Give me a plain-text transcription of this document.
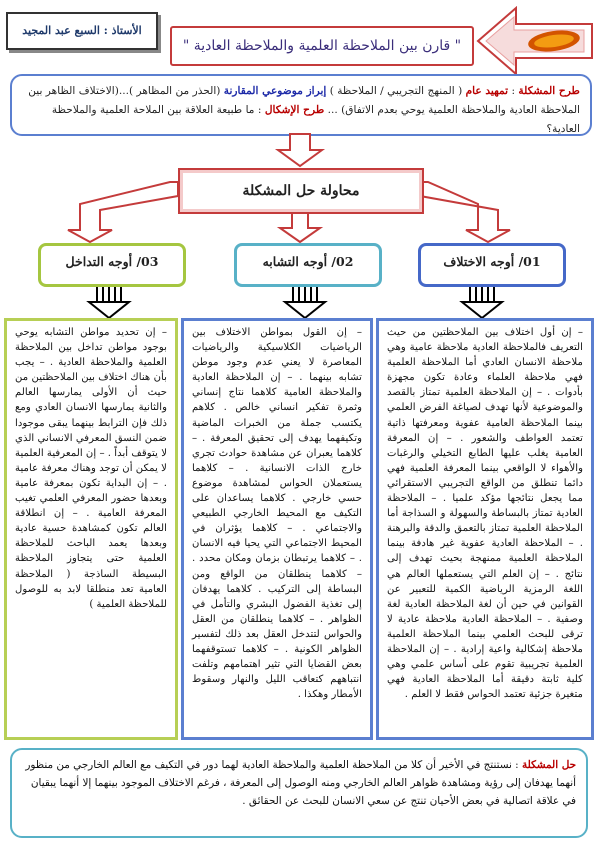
الأستاذ : السبع عبد المجيد
" قارن بين الملاحظة العلمية والملاحظة العادية "
طرح المشكلة : تمهيد عام ( المنهج التجريبي / الملاحظة ) إبراز موضوعي المقارنة (الحذر من المظاهر )...(الاختلاف الظاهر بين الملاحظة العادية والملاحظة العلمية يوحي بعدم الاتفاق) ... طرح الإشكال : ما طبيعة العلاقة بين الملاحة العلمية والملاحظة العادية؟
محاولة حل المشكلة
01/ أوجه الاختلاف
02/ أوجه التشابه
03/ أوجه التداخل
– إن أول اختلاف بين الملاحظتين من حيث التعريف فالملاحظة العادية ملاحظة عامية وهي ملاحظة الانسان العادي أما الملاحظة العلمية فهي ملاحظة العلماء وعادة تكون مجهزة بأدوات . – إن الملاحظة العلمية تمتاز بالقصد والموضوعية لأنها تهدف لصياغة الفرض العلمي بينما الملاحظة العامية عفوية ومعرفتها ذاتية تعتمد العواطف والشعور . – إن المعرفة العامية يغلب عليها الطابع التخيلي والرغبات والأهواء لا الواقعي بينما المعرفة العلمية فهي دائما تنطلق من الواقع التجريبي الاستقرائي مما يجعل نتائجها مؤكد علميا . – الملاحظة العادية تمتاز بالبساطة والسهولة و السذاجة أما الملاحظة العلمية تمتاز بالتعمق والدقة والبرهنة . – الملاحظة العادية عفوية غير هادفة بينما الملاحظة العلمية ممنهجة بحيث تهدف إلى نتائج . – إن العلم التي يستعملها العالم هي اللغة الرمزية الرياضية الكمية للتعبير عن القوانين في حين أن لغة الملاحظة العادية لغة وصفية . – الملاحظة العادية ملاحظة عادية لا ترقى للبحث العلمي بينما الملاحظة العلمية ملاحظة إشكالية واعية إرادية . – إن الملاحظة العلمية تجريبية تقوم على أساس علمي وهي كلية ثابتة دقيقة أما الملاحظة العادية فهي متغيرة جزئية تعتمد الحواس فقط لا العلم .
– إن القول بمواطن الاختلاف بين الرياضيات الكلاسيكية والرياضيات المعاصرة لا يعني عدم وجود موطن تشابه بينهما . – إن الملاحظة العادية والملاحظة العامية كلاهما نتاج إنساني وثمرة تفكير انساني خالص . كلاهم يكتسب جملة من الخبرات الماضية وتكيفهما يهدف إلى تحقيق المعرفة . – كلاهما يعبران عن مشاهدة حوادث تجري خارج الذات الانسانية . – كلاهما يستعملان الحواس لمشاهدة موضوع حسي خارجي . كلاهما يساعدان على التكيف مع المحيط الخارجي الطبيعي والاجتماعي . – كلاهما يؤثران في المحيط الاجتماعي التي يحيا فيه الانسان . – كلاهما يرتبطان بزمان ومكان محدد . – كلاهما ينطلقان من الواقع ومن البساطة إلى التركيب . كلاهما يهدفان إلى تغذية الفضول البشري والتأمل في الظواهر . – كلاهما ينطلقان من العقل والحواس لتتدخل العقل بعد ذلك لتفسير الظواهر الكونية . – كلاهما تستوقفهما بعض القضايا التي تثير اهتمامهم وتلفت انتباههم كتعاقب الليل والنهار وسقوط الأمطار وهكذا .
– إن تحديد مواطن التشابه يوحي بوجود مواطن تداخل بين الملاحظة العلمية والملاحظة العادية . – يجب بأن هناك اختلاف بين الملاحظتين من حيث أن الأولى يمارسها العالم والثانية يمارسها الانسان العادي ومع ذلك فإن الترابط بينهما يبقى موجودا ضمن النسق المعرفي الانساني الذي لا يتوقف أبداً . – إن المعرفية العلمية لا يمكن أن توجد وهناك معرفة عامية . – إن البداية تكون بمعرفة عامية وبعدها حضور المعرفي العلمي تغيب المعرفة العامية . – إن انطلاقة العالم تكون كمشاهدة حسية عادية وبعدها يعمد الباحث للملاحظة العلمية حتى يتجاوز الملاحظة البسيطة الساذجة ( الملاحظة العامية تعد منطلقا لابد به للوصول للملاحظة العلمية )
حل المشكلة : نستنتج في الأخير أن كلا من الملاحظة العلمية والملاحظة العادية لهما دور في التكيف مع العالم الخارجي من منظور أنهما يهدفان إلى رؤية ومشاهدة ظواهر العالم الخارجي ومنه الوصول إلى المعرفة ، فرغم الاختلاف الموجود بينهما إلا أنهما يبقيان في علاقة اتصالية في بعض الأحيان تنتج عن سعي الانسان للبحث عن الحقائق .
